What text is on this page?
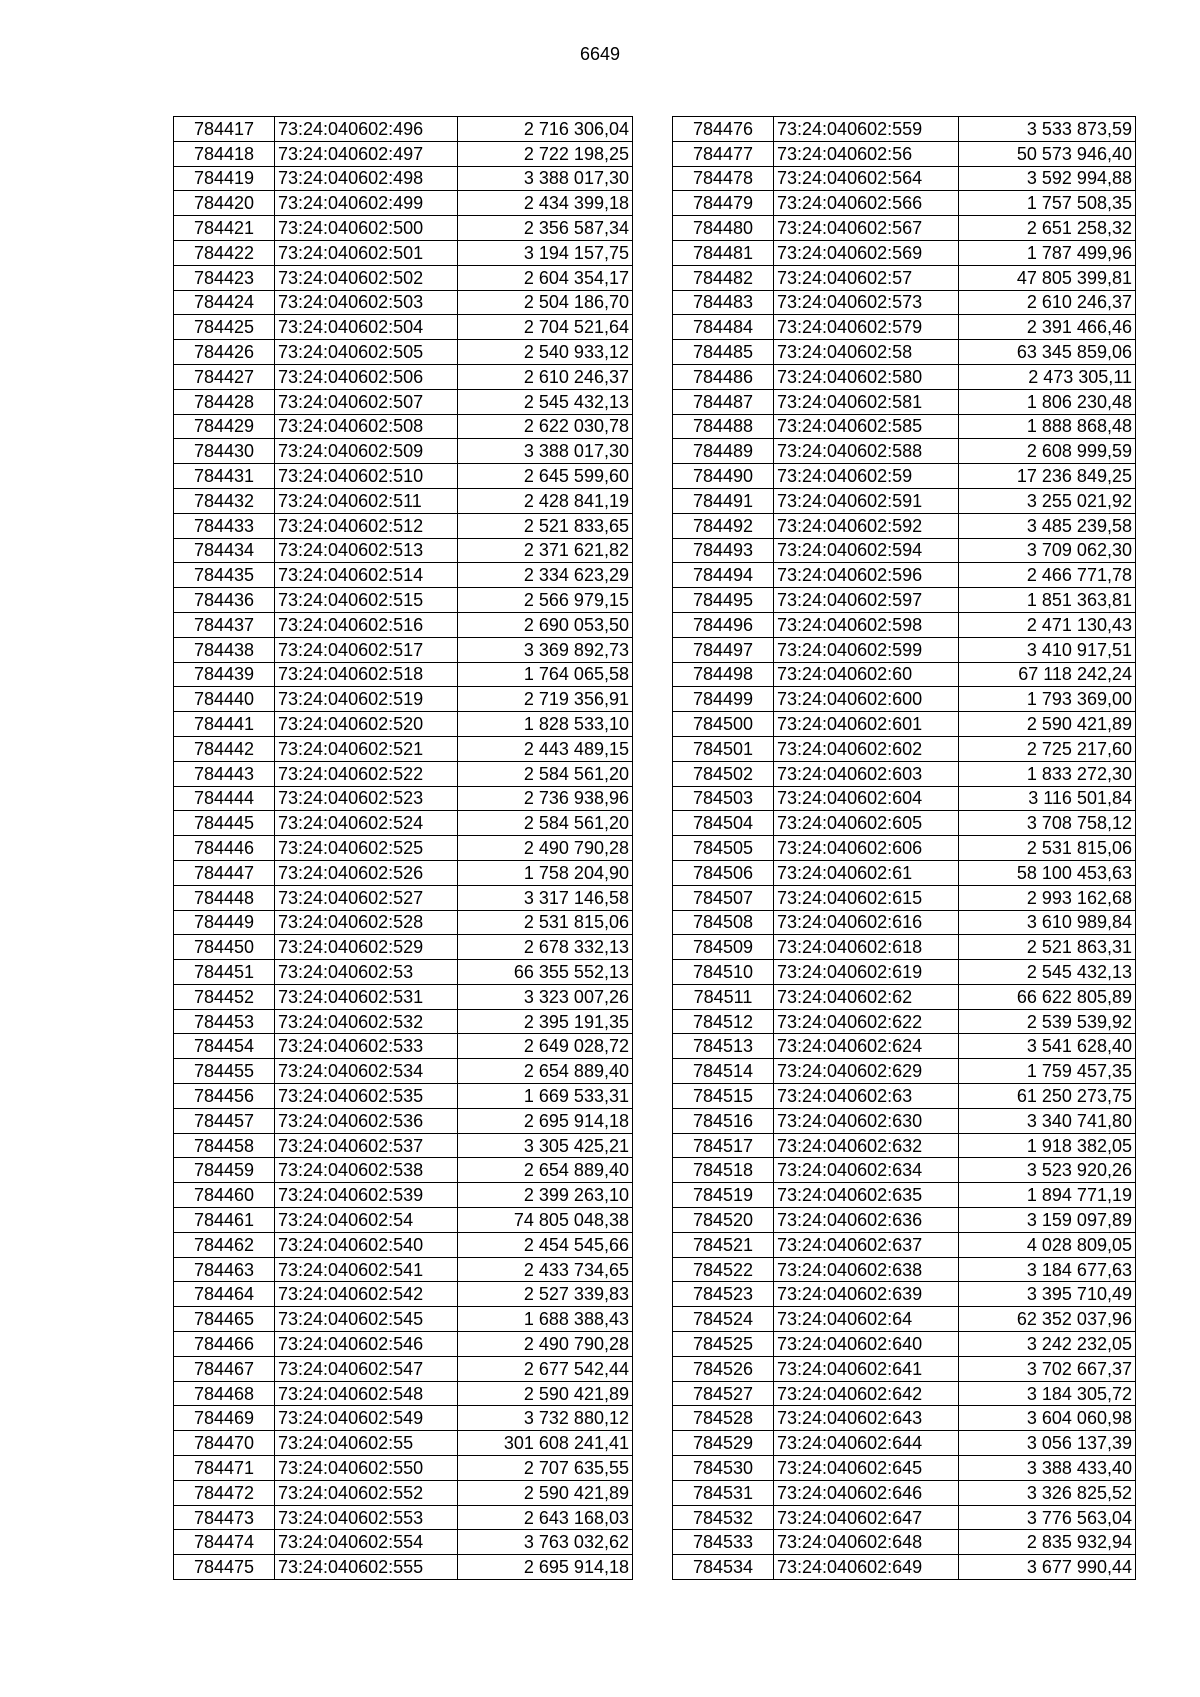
6649
784417	73:24:040602:496	2 716 306,04
784418	73:24:040602:497	2 722 198,25
784419	73:24:040602:498	3 388 017,30
784420	73:24:040602:499	2 434 399,18
784421	73:24:040602:500	2 356 587,34
784422	73:24:040602:501	3 194 157,75
784423	73:24:040602:502	2 604 354,17
784424	73:24:040602:503	2 504 186,70
784425	73:24:040602:504	2 704 521,64
784426	73:24:040602:505	2 540 933,12
784427	73:24:040602:506	2 610 246,37
784428	73:24:040602:507	2 545 432,13
784429	73:24:040602:508	2 622 030,78
784430	73:24:040602:509	3 388 017,30
784431	73:24:040602:510	2 645 599,60
784432	73:24:040602:511	2 428 841,19
784433	73:24:040602:512	2 521 833,65
784434	73:24:040602:513	2 371 621,82
784435	73:24:040602:514	2 334 623,29
784436	73:24:040602:515	2 566 979,15
784437	73:24:040602:516	2 690 053,50
784438	73:24:040602:517	3 369 892,73
784439	73:24:040602:518	1 764 065,58
784440	73:24:040602:519	2 719 356,91
784441	73:24:040602:520	1 828 533,10
784442	73:24:040602:521	2 443 489,15
784443	73:24:040602:522	2 584 561,20
784444	73:24:040602:523	2 736 938,96
784445	73:24:040602:524	2 584 561,20
784446	73:24:040602:525	2 490 790,28
784447	73:24:040602:526	1 758 204,90
784448	73:24:040602:527	3 317 146,58
784449	73:24:040602:528	2 531 815,06
784450	73:24:040602:529	2 678 332,13
784451	73:24:040602:53	66 355 552,13
784452	73:24:040602:531	3 323 007,26
784453	73:24:040602:532	2 395 191,35
784454	73:24:040602:533	2 649 028,72
784455	73:24:040602:534	2 654 889,40
784456	73:24:040602:535	1 669 533,31
784457	73:24:040602:536	2 695 914,18
784458	73:24:040602:537	3 305 425,21
784459	73:24:040602:538	2 654 889,40
784460	73:24:040602:539	2 399 263,10
784461	73:24:040602:54	74 805 048,38
784462	73:24:040602:540	2 454 545,66
784463	73:24:040602:541	2 433 734,65
784464	73:24:040602:542	2 527 339,83
784465	73:24:040602:545	1 688 388,43
784466	73:24:040602:546	2 490 790,28
784467	73:24:040602:547	2 677 542,44
784468	73:24:040602:548	2 590 421,89
784469	73:24:040602:549	3 732 880,12
784470	73:24:040602:55	301 608 241,41
784471	73:24:040602:550	2 707 635,55
784472	73:24:040602:552	2 590 421,89
784473	73:24:040602:553	2 643 168,03
784474	73:24:040602:554	3 763 032,62
784475	73:24:040602:555	2 695 914,18
784476	73:24:040602:559	3 533 873,59
784477	73:24:040602:56	50 573 946,40
784478	73:24:040602:564	3 592 994,88
784479	73:24:040602:566	1 757 508,35
784480	73:24:040602:567	2 651 258,32
784481	73:24:040602:569	1 787 499,96
784482	73:24:040602:57	47 805 399,81
784483	73:24:040602:573	2 610 246,37
784484	73:24:040602:579	2 391 466,46
784485	73:24:040602:58	63 345 859,06
784486	73:24:040602:580	2 473 305,11
784487	73:24:040602:581	1 806 230,48
784488	73:24:040602:585	1 888 868,48
784489	73:24:040602:588	2 608 999,59
784490	73:24:040602:59	17 236 849,25
784491	73:24:040602:591	3 255 021,92
784492	73:24:040602:592	3 485 239,58
784493	73:24:040602:594	3 709 062,30
784494	73:24:040602:596	2 466 771,78
784495	73:24:040602:597	1 851 363,81
784496	73:24:040602:598	2 471 130,43
784497	73:24:040602:599	3 410 917,51
784498	73:24:040602:60	67 118 242,24
784499	73:24:040602:600	1 793 369,00
784500	73:24:040602:601	2 590 421,89
784501	73:24:040602:602	2 725 217,60
784502	73:24:040602:603	1 833 272,30
784503	73:24:040602:604	3 116 501,84
784504	73:24:040602:605	3 708 758,12
784505	73:24:040602:606	2 531 815,06
784506	73:24:040602:61	58 100 453,63
784507	73:24:040602:615	2 993 162,68
784508	73:24:040602:616	3 610 989,84
784509	73:24:040602:618	2 521 863,31
784510	73:24:040602:619	2 545 432,13
784511	73:24:040602:62	66 622 805,89
784512	73:24:040602:622	2 539 539,92
784513	73:24:040602:624	3 541 628,40
784514	73:24:040602:629	1 759 457,35
784515	73:24:040602:63	61 250 273,75
784516	73:24:040602:630	3 340 741,80
784517	73:24:040602:632	1 918 382,05
784518	73:24:040602:634	3 523 920,26
784519	73:24:040602:635	1 894 771,19
784520	73:24:040602:636	3 159 097,89
784521	73:24:040602:637	4 028 809,05
784522	73:24:040602:638	3 184 677,63
784523	73:24:040602:639	3 395 710,49
784524	73:24:040602:64	62 352 037,96
784525	73:24:040602:640	3 242 232,05
784526	73:24:040602:641	3 702 667,37
784527	73:24:040602:642	3 184 305,72
784528	73:24:040602:643	3 604 060,98
784529	73:24:040602:644	3 056 137,39
784530	73:24:040602:645	3 388 433,40
784531	73:24:040602:646	3 326 825,52
784532	73:24:040602:647	3 776 563,04
784533	73:24:040602:648	2 835 932,94
784534	73:24:040602:649	3 677 990,44
